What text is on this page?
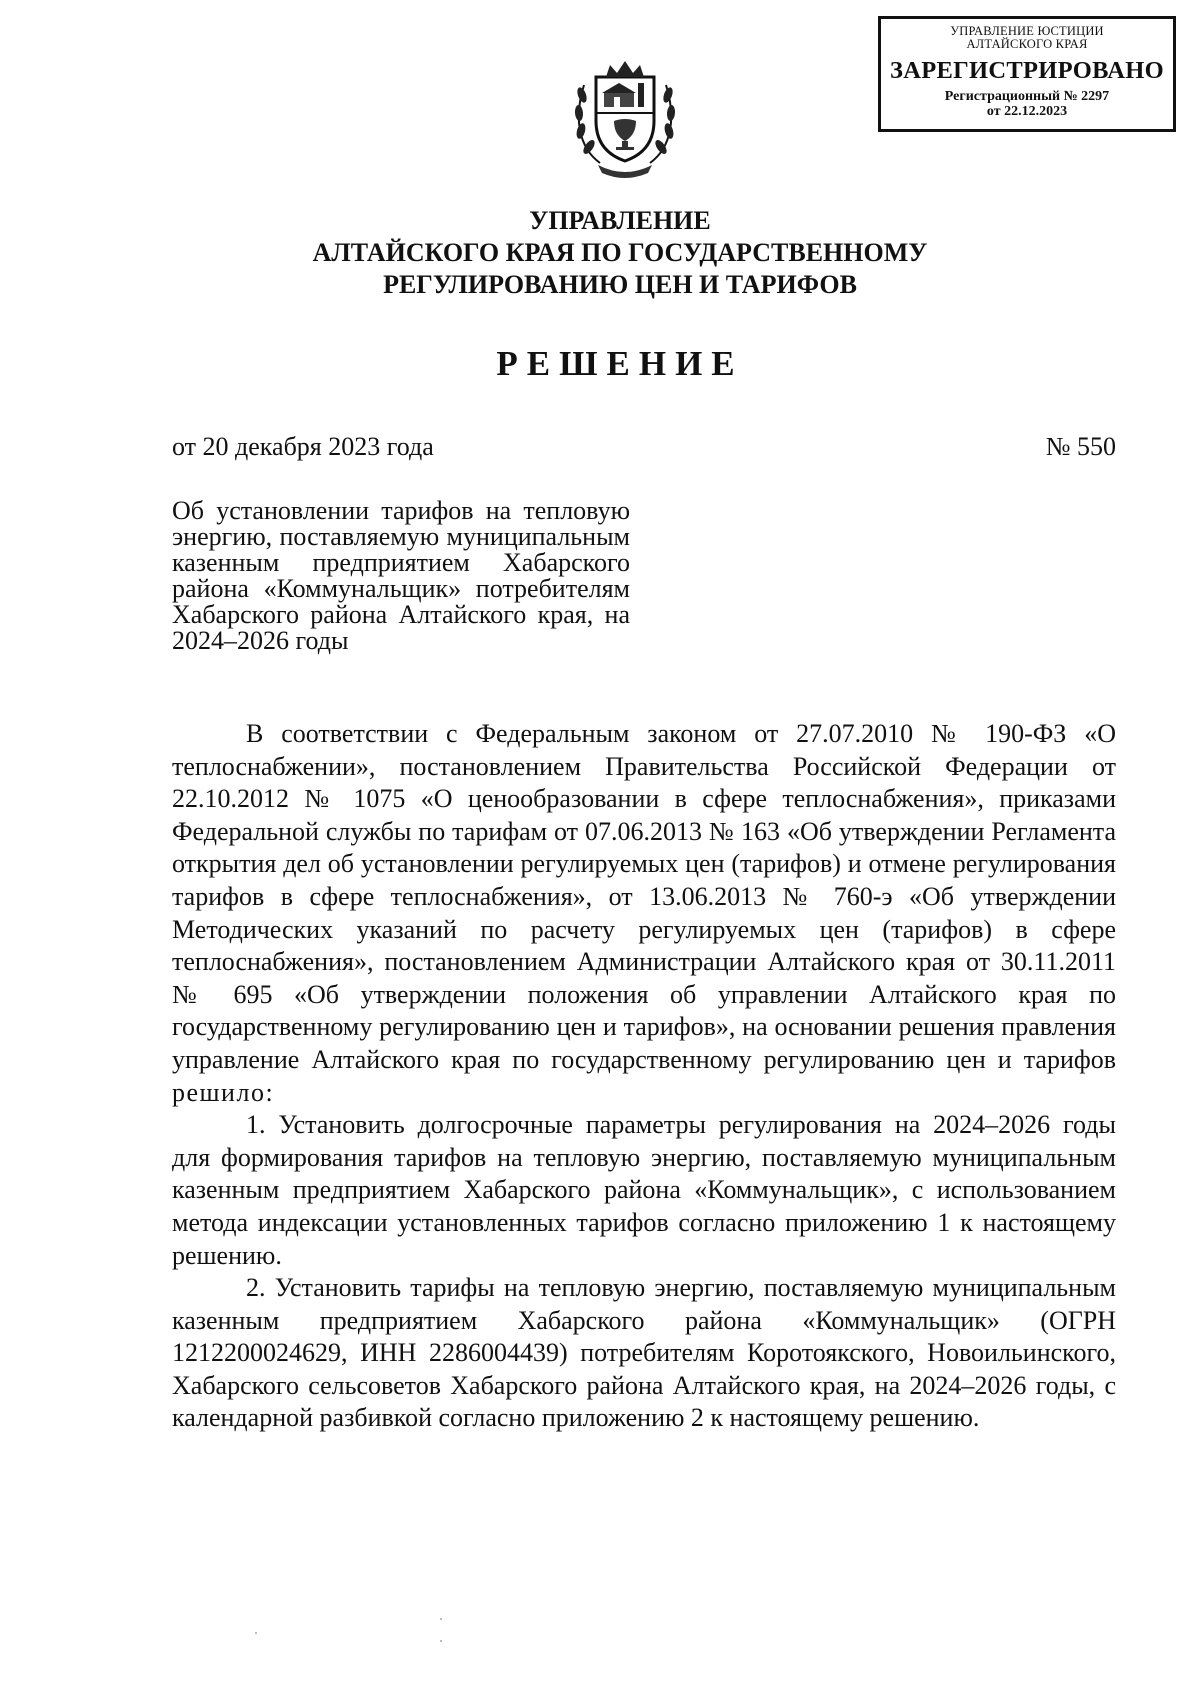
УПРАВЛЕНИЕ ЮСТИЦИИ АЛТАЙСКОГО КРАЯ
ЗАРЕГИСТРИРОВАНО
Регистрационный № 2297
от 22.12.2023
УПРАВЛЕНИЕ
АЛТАЙСКОГО КРАЯ ПО ГОСУДАРСТВЕННОМУ
РЕГУЛИРОВАНИЮ ЦЕН И ТАРИФОВ
РЕШЕНИЕ
от 20 декабря 2023 года	№ 550
Об установлении тарифов на тепловую энергию, поставляемую муниципальным казенным предприятием Хабарского района «Коммунальщик» потребителям Хабарского района Алтайского края, на 2024–2026 годы

В соответствии с Федеральным законом от 27.07.2010 № 190-ФЗ «О теплоснабжении», постановлением Правительства Российской Федерации от 22.10.2012 № 1075 «О ценообразовании в сфере теплоснабжения», приказами Федеральной службы по тарифам от 07.06.2013 № 163 «Об утверждении Регламента открытия дел об установлении регулируемых цен (тарифов) и отмене регулирования тарифов в сфере теплоснабжения», от 13.06.2013 № 760-э «Об утверждении Методических указаний по расчету регулируемых цен (тарифов) в сфере теплоснабжения», постановлением Администрации Алтайского края от 30.11.2011 № 695 «Об утверждении положения об управлении Алтайского края по государственному регулированию цен и тарифов», на основании решения правления управление Алтайского края по государственному регулированию цен и тарифов решило:

1. Установить долгосрочные параметры регулирования на 2024–2026 годы для формирования тарифов на тепловую энергию, поставляемую муниципальным казенным предприятием Хабарского района «Коммунальщик», с использованием метода индексации установленных тарифов согласно приложению 1 к настоящему решению.

2. Установить тарифы на тепловую энергию, поставляемую муниципальным казенным предприятием Хабарского района «Коммунальщик» (ОГРН 1212200024629, ИНН 2286004439) потребителям Коротоякского, Новоильинского, Хабарского сельсоветов Хабарского района Алтайского края, на 2024–2026 годы, с календарной разбивкой согласно приложению 2 к настоящему решению.
